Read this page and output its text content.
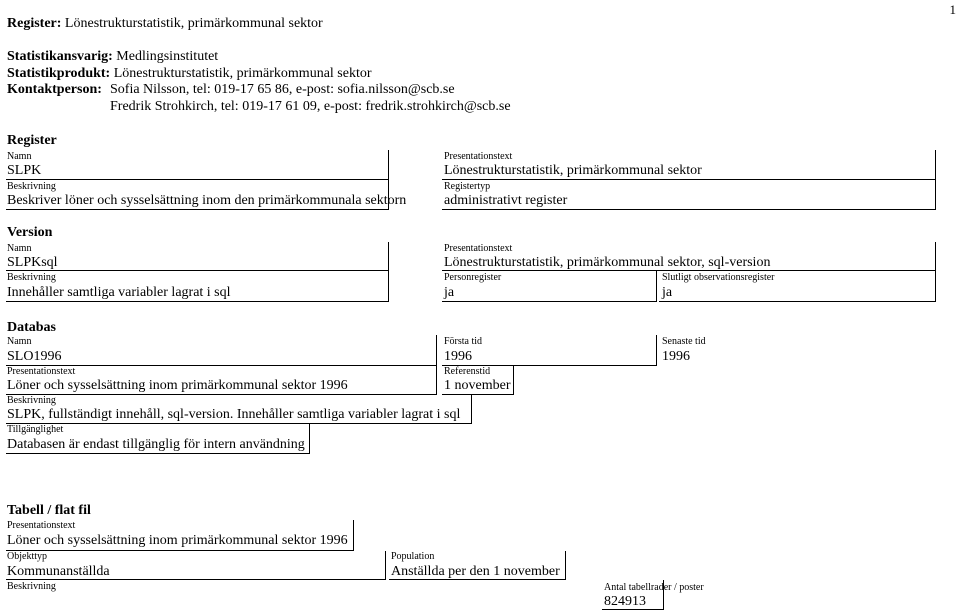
1
Register: Lönestrukturstatistik, primärkommunal sektor
Statistikansvarig: Medlingsinstitutet
Statistikprodukt: Lönestrukturstatistik, primärkommunal sektor
Kontaktperson: Sofia Nilsson, tel: 019-17 65 86, e-post: sofia.nilsson@scb.se
Fredrik Strohkirch, tel: 019-17 61 09, e-post: fredrik.strohkirch@scb.se
Register
Namn
SLPK
Beskrivning
Beskriver löner och sysselsättning inom den primärkommunala sektorn
Presentationstext
Lönestrukturstatistik, primärkommunal sektor
Registertyp
administrativt register
Version
Namn
SLPKsql
Beskrivning
Innehåller samtliga variabler lagrat i sql
Presentationstext
Lönestrukturstatistik, primärkommunal sektor, sql-version
Personregister
ja
Slutligt observationsregister
ja
Databas
Namn
SLO1996
Första tid
1996
Senaste tid
1996
Presentationstext
Löner och sysselsättning inom primärkommunal sektor 1996
Referenstid
1 november
Beskrivning
SLPK, fullständigt innehåll, sql-version. Innehåller samtliga variabler lagrat i sql
Tillgänglighet
Databasen är endast tillgänglig för intern användning
Tabell / flat fil
Presentationstext
Löner och sysselsättning inom primärkommunal sektor 1996
Objekttyp
Kommunanställda
Population
Anställda per den 1 november
Beskrivning	Antal tabellrader / poster
824913
